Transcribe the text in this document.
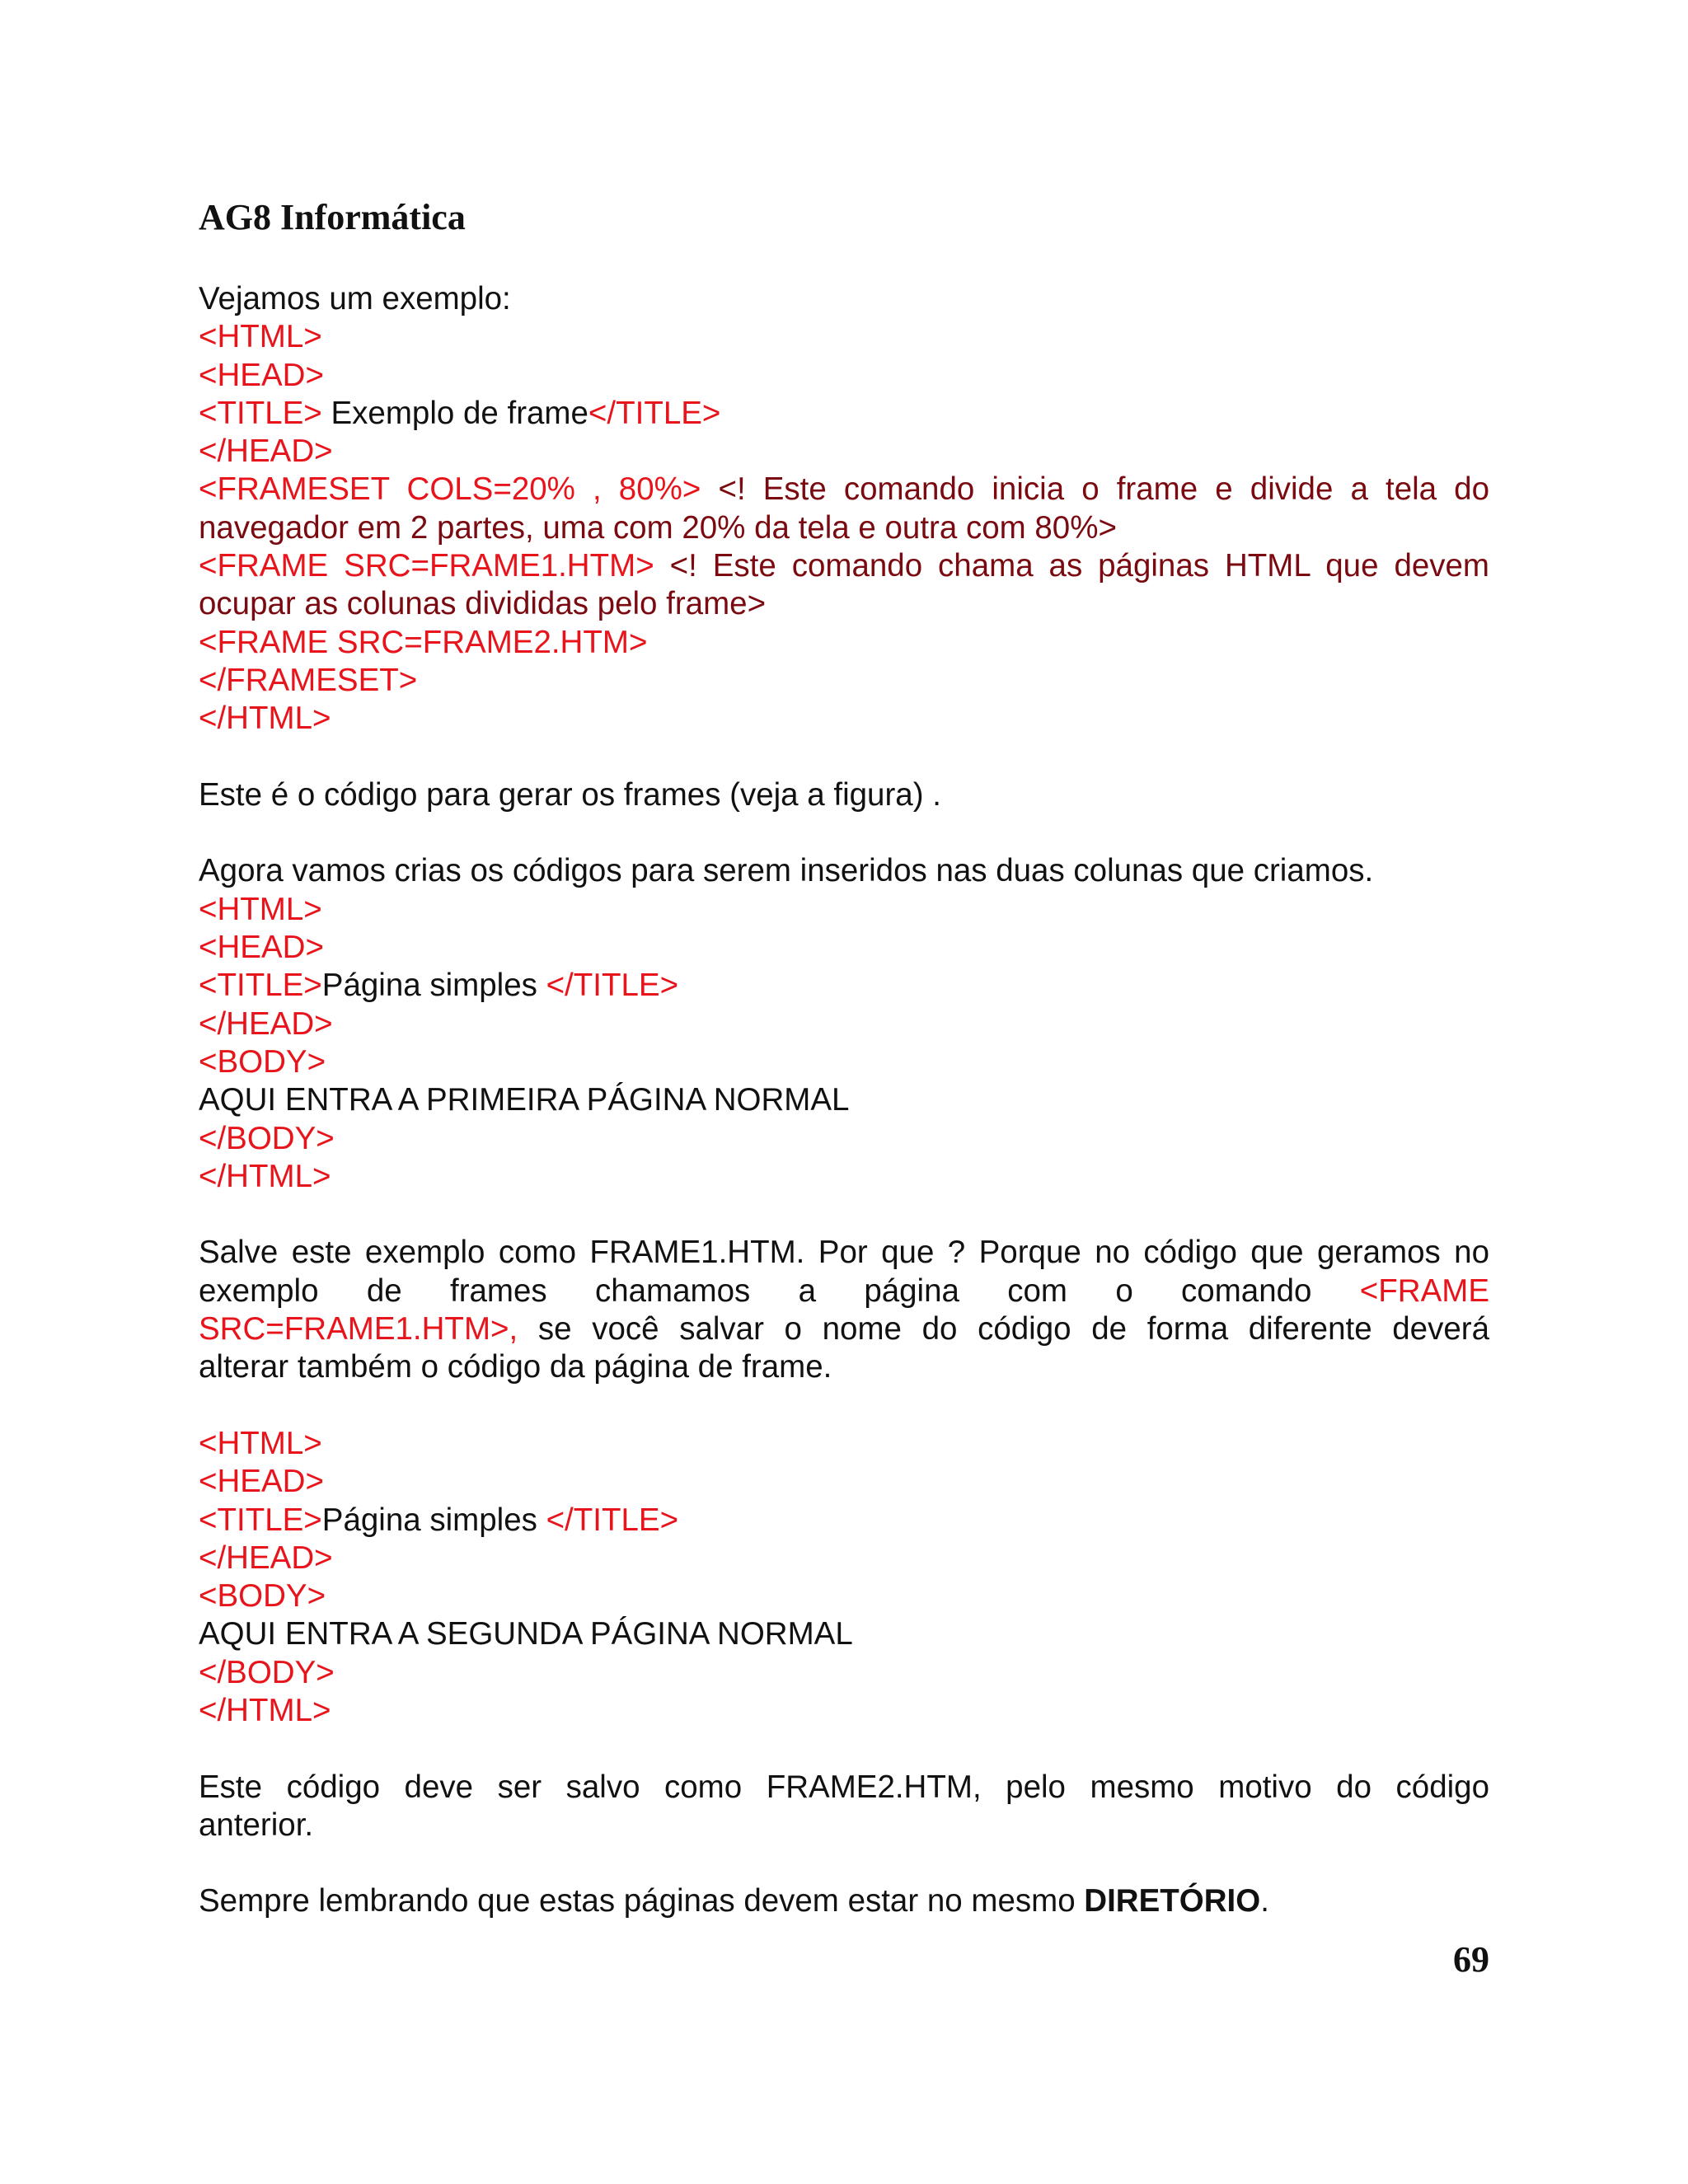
AG8 Informática
Vejamos um exemplo:
<HTML>
<HEAD>
<TITLE> Exemplo de frame</TITLE>
</HEAD>
<FRAMESET COLS=20% , 80%> <! Este comando inicia o frame e divide a tela do
navegador em 2 partes, uma com 20% da tela e outra com 80%>
<FRAME SRC=FRAME1.HTM> <! Este comando chama as páginas HTML que devem
ocupar as colunas divididas pelo frame>
<FRAME SRC=FRAME2.HTM>
</FRAMESET>
</HTML>
Este é o código para gerar os frames (veja a figura) .
Agora vamos crias os códigos para serem inseridos nas duas colunas que criamos.
<HTML>
<HEAD>
<TITLE>Página simples </TITLE>
</HEAD>
<BODY>
AQUI ENTRA A PRIMEIRA PÁGINA NORMAL
</BODY>
</HTML>
Salve este exemplo como FRAME1.HTM. Por que ? Porque no código que geramos no
exemplo de frames chamamos a página com o comando <FRAME
SRC=FRAME1.HTM>, se você salvar o nome do código de forma diferente deverá
alterar também o código da página de frame.
<HTML>
<HEAD>
<TITLE>Página simples </TITLE>
</HEAD>
<BODY>
AQUI ENTRA A SEGUNDA PÁGINA NORMAL
</BODY>
</HTML>
Este código deve ser salvo como FRAME2.HTM, pelo mesmo motivo do código
anterior.
Sempre lembrando que estas páginas devem estar no mesmo DIRETÓRIO.
69
